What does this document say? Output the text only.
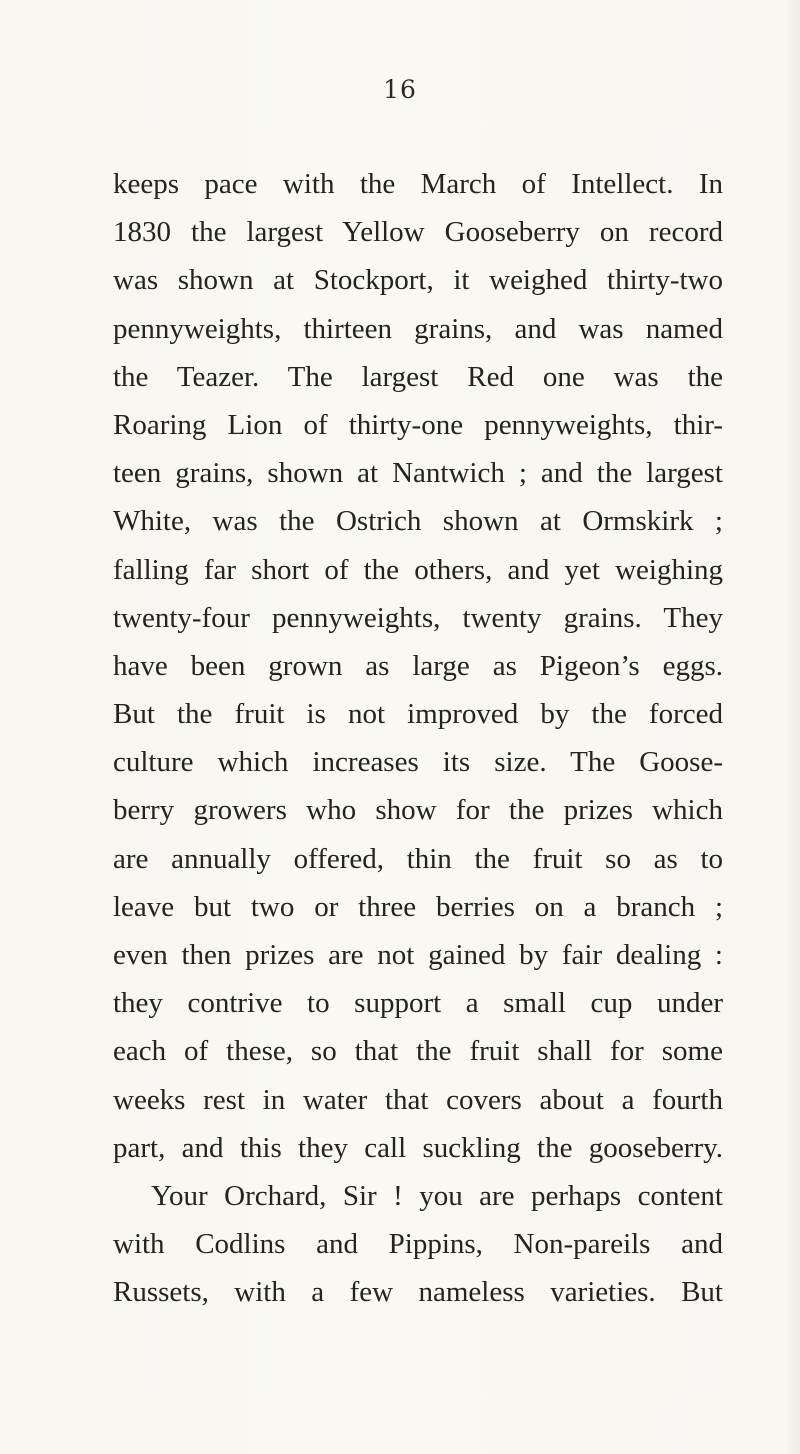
16
keeps pace with the March of Intellect. In
1830 the largest Yellow Gooseberry on record
was shown at Stockport, it weighed thirty-two
pennyweights, thirteen grains, and was named
the Teazer. The largest Red one was the
Roaring Lion of thirty-one pennyweights, thir-
teen grains, shown at Nantwich ; and the largest
White, was the Ostrich shown at Ormskirk ;
falling far short of the others, and yet weighing
twenty-four pennyweights, twenty grains. They
have been grown as large as Pigeon’s eggs.
But the fruit is not improved by the forced
culture which increases its size. The Goose-
berry growers who show for the prizes which
are annually offered, thin the fruit so as to
leave but two or three berries on a branch ;
even then prizes are not gained by fair dealing :
they contrive to support a small cup under
each of these, so that the fruit shall for some
weeks rest in water that covers about a fourth
part, and this they call suckling the gooseberry.
Your Orchard, Sir ! you are perhaps content
with Codlins and Pippins, Non-pareils and
Russets, with a few nameless varieties. But
